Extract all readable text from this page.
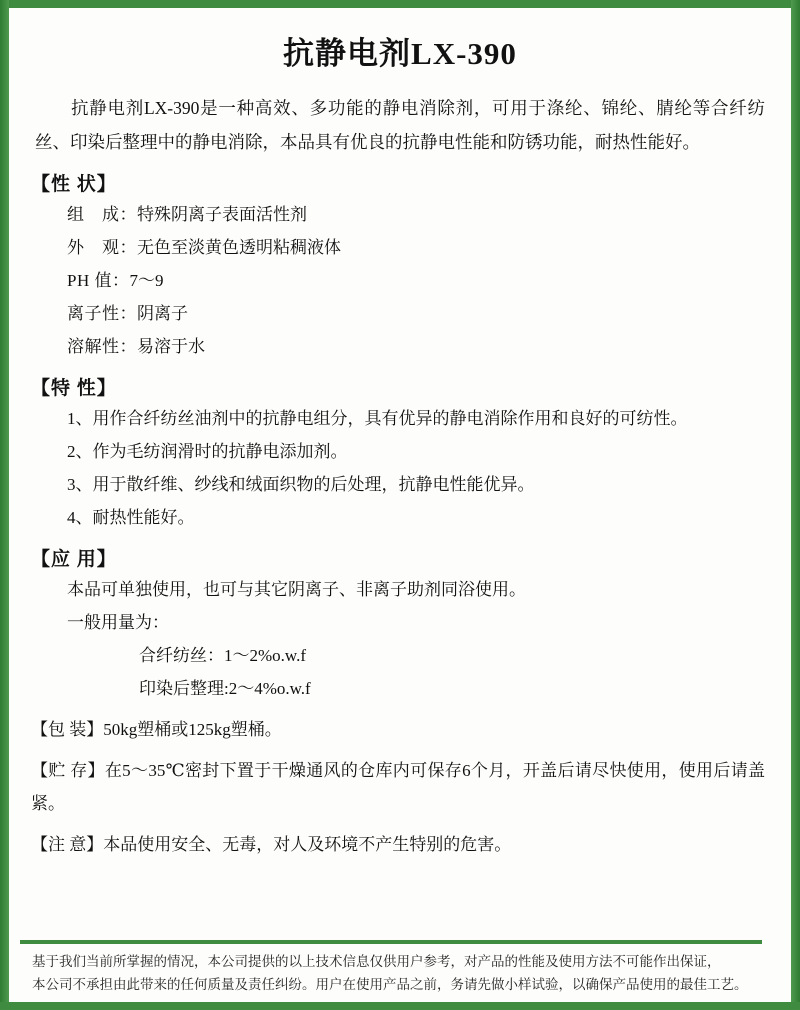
抗静电剂LX-390
抗静电剂LX-390是一种高效、多功能的静电消除剂，可用于涤纶、锦纶、腈纶等合纤纺丝、印染后整理中的静电消除，本品具有优良的抗静电性能和防锈功能，耐热性能好。
【性 状】
组　成：特殊阴离子表面活性剂
外　观：无色至淡黄色透明粘稠液体
PH 值：7～9
离子性：阴离子
溶解性：易溶于水
【特 性】
1、用作合纤纺丝油剂中的抗静电组分，具有优异的静电消除作用和良好的可纺性。
2、作为毛纺润滑时的抗静电添加剂。
3、用于散纤维、纱线和绒面织物的后处理，抗静电性能优异。
4、耐热性能好。
【应 用】
本品可单独使用，也可与其它阴离子、非离子助剂同浴使用。
一般用量为：
合纤纺丝：1～2%o.w.f
印染后整理:2～4%o.w.f
【包 装】50kg塑桶或125kg塑桶。
【贮 存】在5～35℃密封下置于干燥通风的仓库内可保存6个月，开盖后请尽快使用，使用后请盖紧。
【注 意】本品使用安全、无毒，对人及环境不产生特别的危害。
基于我们当前所掌握的情况，本公司提供的以上技术信息仅供用户参考，对产品的性能及使用方法不可能作出保证，
本公司不承担由此带来的任何质量及责任纠纷。用户在使用产品之前，务请先做小样试验，以确保产品使用的最佳工艺。
